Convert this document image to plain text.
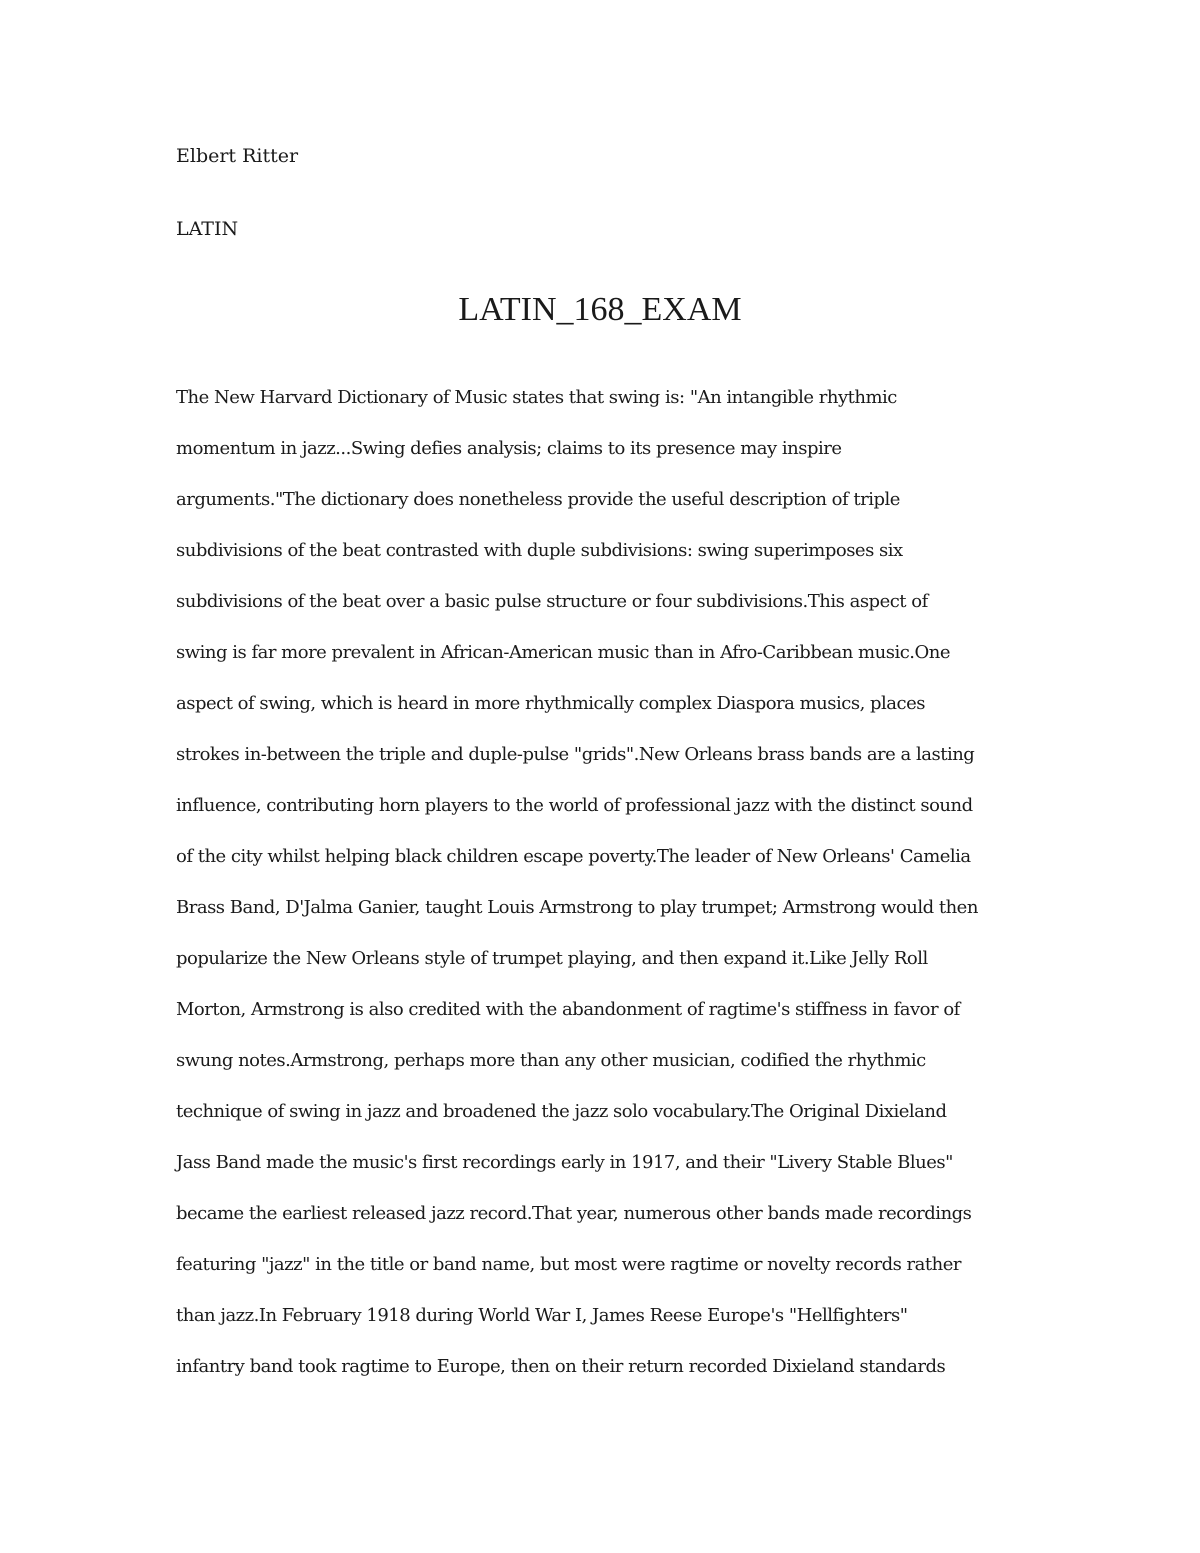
Elbert Ritter

LATIN

LATIN_168_EXAM
The New Harvard Dictionary of Music states that swing is: "An intangible rhythmic
momentum in jazz...Swing defies analysis; claims to its presence may inspire
arguments."The dictionary does nonetheless provide the useful description of triple
subdivisions of the beat contrasted with duple subdivisions: swing superimposes six
subdivisions of the beat over a basic pulse structure or four subdivisions.This aspect of
swing is far more prevalent in African-American music than in Afro-Caribbean music.One
aspect of swing, which is heard in more rhythmically complex Diaspora musics, places
strokes in-between the triple and duple-pulse "grids".New Orleans brass bands are a lasting
influence, contributing horn players to the world of professional jazz with the distinct sound
of the city whilst helping black children escape poverty.The leader of New Orleans' Camelia
Brass Band, D'Jalma Ganier, taught Louis Armstrong to play trumpet; Armstrong would then
popularize the New Orleans style of trumpet playing, and then expand it.Like Jelly Roll
Morton, Armstrong is also credited with the abandonment of ragtime's stiffness in favor of
swung notes.Armstrong, perhaps more than any other musician, codified the rhythmic
technique of swing in jazz and broadened the jazz solo vocabulary.The Original Dixieland
Jass Band made the music's first recordings early in 1917, and their "Livery Stable Blues"
became the earliest released jazz record.That year, numerous other bands made recordings
featuring "jazz" in the title or band name, but most were ragtime or novelty records rather
than jazz.In February 1918 during World War I, James Reese Europe's "Hellfighters"
infantry band took ragtime to Europe, then on their return recorded Dixieland standards
